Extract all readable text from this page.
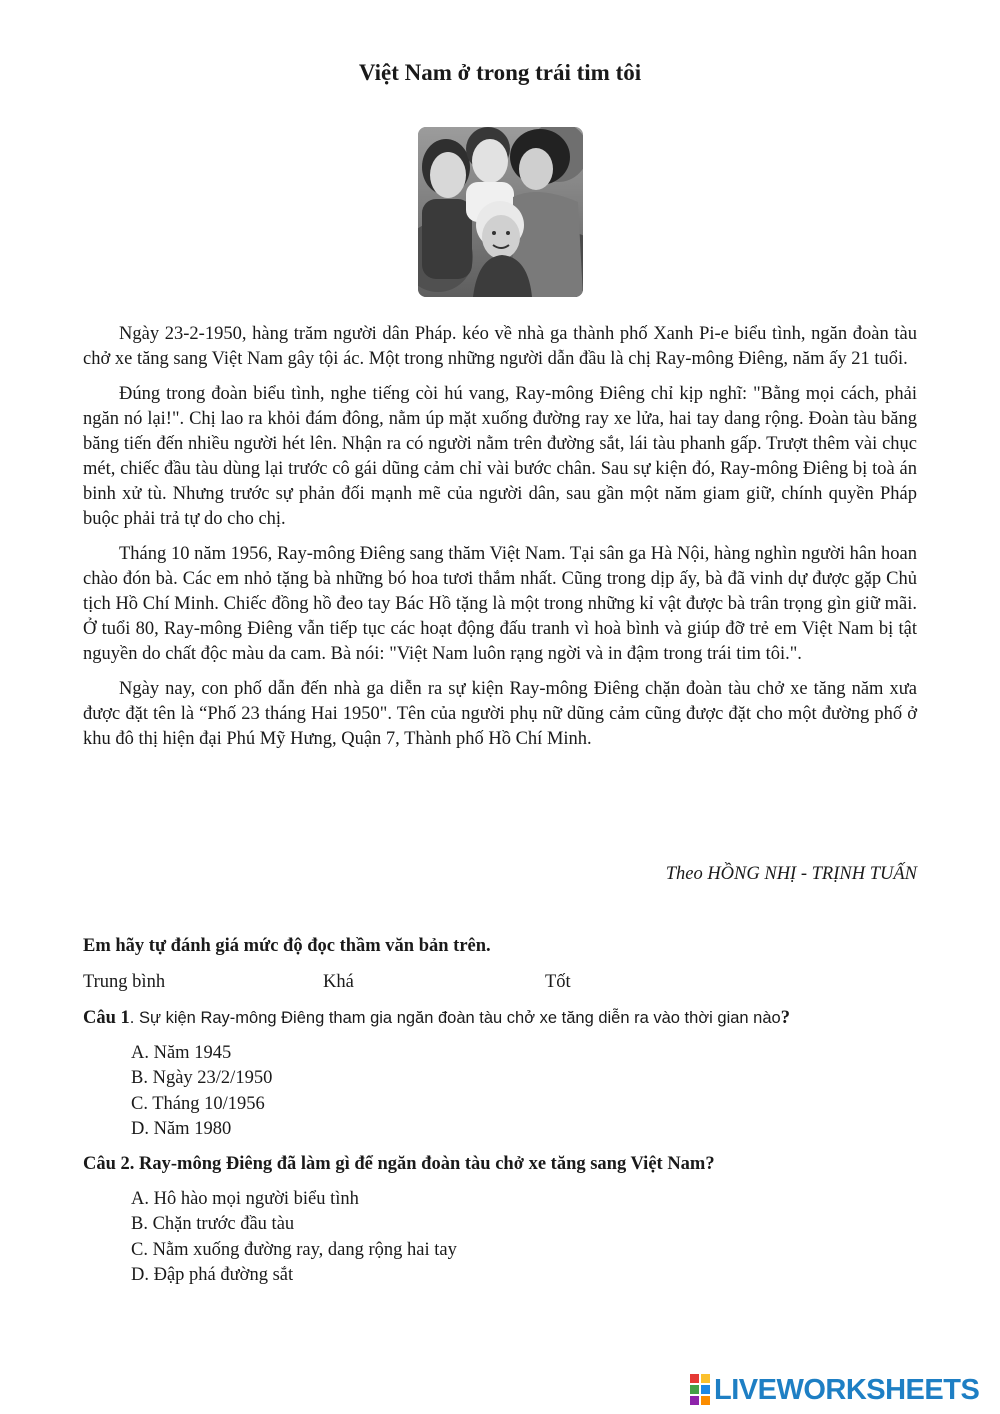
Việt Nam ở trong trái tim tôi

Ngày 23-2-1950, hàng trăm người dân Pháp. kéo về nhà ga thành phố Xanh Pi-e biểu tình, ngăn đoàn tàu chở xe tăng sang Việt Nam gây tội ác. Một trong những người dẫn đầu là chị Ray-mông Điêng, năm ấy 21 tuổi.

Đúng trong đoàn biểu tình, nghe tiếng còi hú vang, Ray-mông Điêng chỉ kịp nghĩ: "Bằng mọi cách, phải ngăn nó lại!". Chị lao ra khỏi đám đông, nằm úp mặt xuống đường ray xe lửa, hai tay dang rộng. Đoàn tàu băng băng tiến đến nhiều người hét lên. Nhận ra có người nằm trên đường sắt, lái tàu phanh gấp. Trượt thêm vài chục mét, chiếc đầu tàu dùng lại trước cô gái dũng cảm chỉ vài bước chân. Sau sự kiện đó, Ray-mông Điêng bị toà án binh xử tù. Nhưng trước sự phản đối mạnh mẽ của người dân, sau gần một năm giam giữ, chính quyền Pháp buộc phải trả tự do cho chị.

Tháng 10 năm 1956, Ray-mông Điêng sang thăm Việt Nam. Tại sân ga Hà Nội, hàng nghìn người hân hoan chào đón bà. Các em nhỏ tặng bà những bó hoa tươi thắm nhất. Cũng trong dịp ấy, bà đã vinh dự được gặp Chủ tịch Hồ Chí Minh. Chiếc đồng hồ đeo tay Bác Hồ tặng là một trong những kỉ vật được bà trân trọng gìn giữ mãi. Ở tuổi 80, Ray-mông Điêng vẫn tiếp tục các hoạt động đấu tranh vì hoà bình và giúp đỡ trẻ em Việt Nam bị tật nguyền do chất độc màu da cam. Bà nói: "Việt Nam luôn rạng ngời và in đậm trong trái tim tôi.".

Ngày nay, con phố dẫn đến nhà ga diễn ra sự kiện Ray-mông Điêng chặn đoàn tàu chở xe tăng năm xưa được đặt tên là “Phố 23 tháng Hai 1950". Tên của người phụ nữ dũng cảm cũng được đặt cho một đường phố ở khu đô thị hiện đại Phú Mỹ Hưng, Quận 7, Thành phố Hồ Chí Minh.

Theo HỒNG NHỊ - TRỊNH TUẤN
Em hãy tự đánh giá mức độ đọc thầm văn bản trên.
Trung bình	Khá	Tốt
Câu 1. Sự kiện Ray-mông Điêng tham gia ngăn đoàn tàu chở xe tăng diễn ra vào thời gian nào?
A. Năm 1945
B. Ngày 23/2/1950
C. Tháng 10/1956
D. Năm 1980
Câu 2. Ray-mông Điêng đã làm gì để ngăn đoàn tàu chở xe tăng sang Việt Nam?
A. Hô hào mọi người biểu tình
B. Chặn trước đầu tàu
C. Nằm xuống đường ray, dang rộng hai tay
D. Đập phá đường sắt
LIVEWORKSHEETS
